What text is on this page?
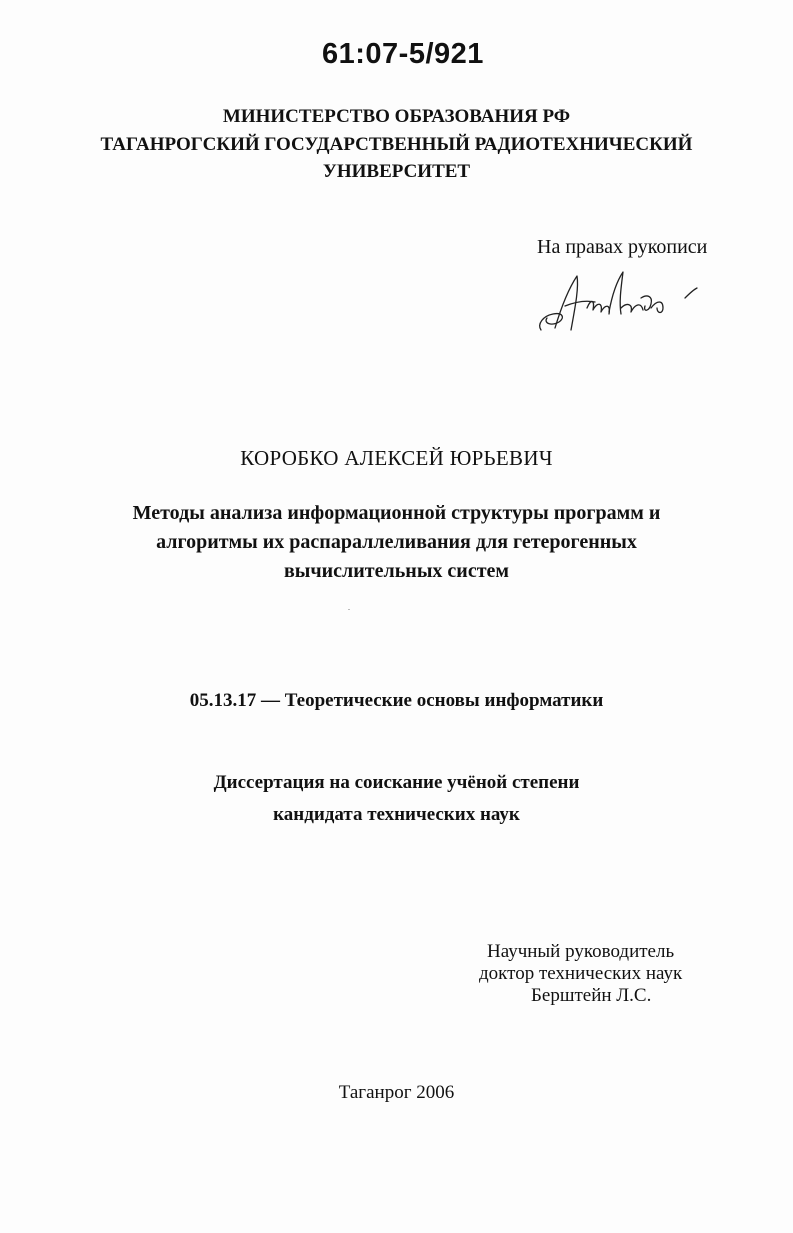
61:07-5/921
МИНИСТЕРСТВО ОБРАЗОВАНИЯ РФ
ТАГАНРОГСКИЙ ГОСУДАРСТВЕННЫЙ РАДИОТЕХНИЧЕСКИЙ
УНИВЕРСИТЕТ
На правах рукописи
КОРОБКО АЛЕКСЕЙ ЮРЬЕВИЧ
Методы анализа информационной структуры программ и
алгоритмы их распараллеливания для гетерогенных
вычислительных систем
05.13.17 — Теоретические основы информатики
Диссертация на соискание учёной степени
кандидата технических наук
Научный руководитель
доктор технических наук
Берштейн Л.С.
Таганрог 2006
